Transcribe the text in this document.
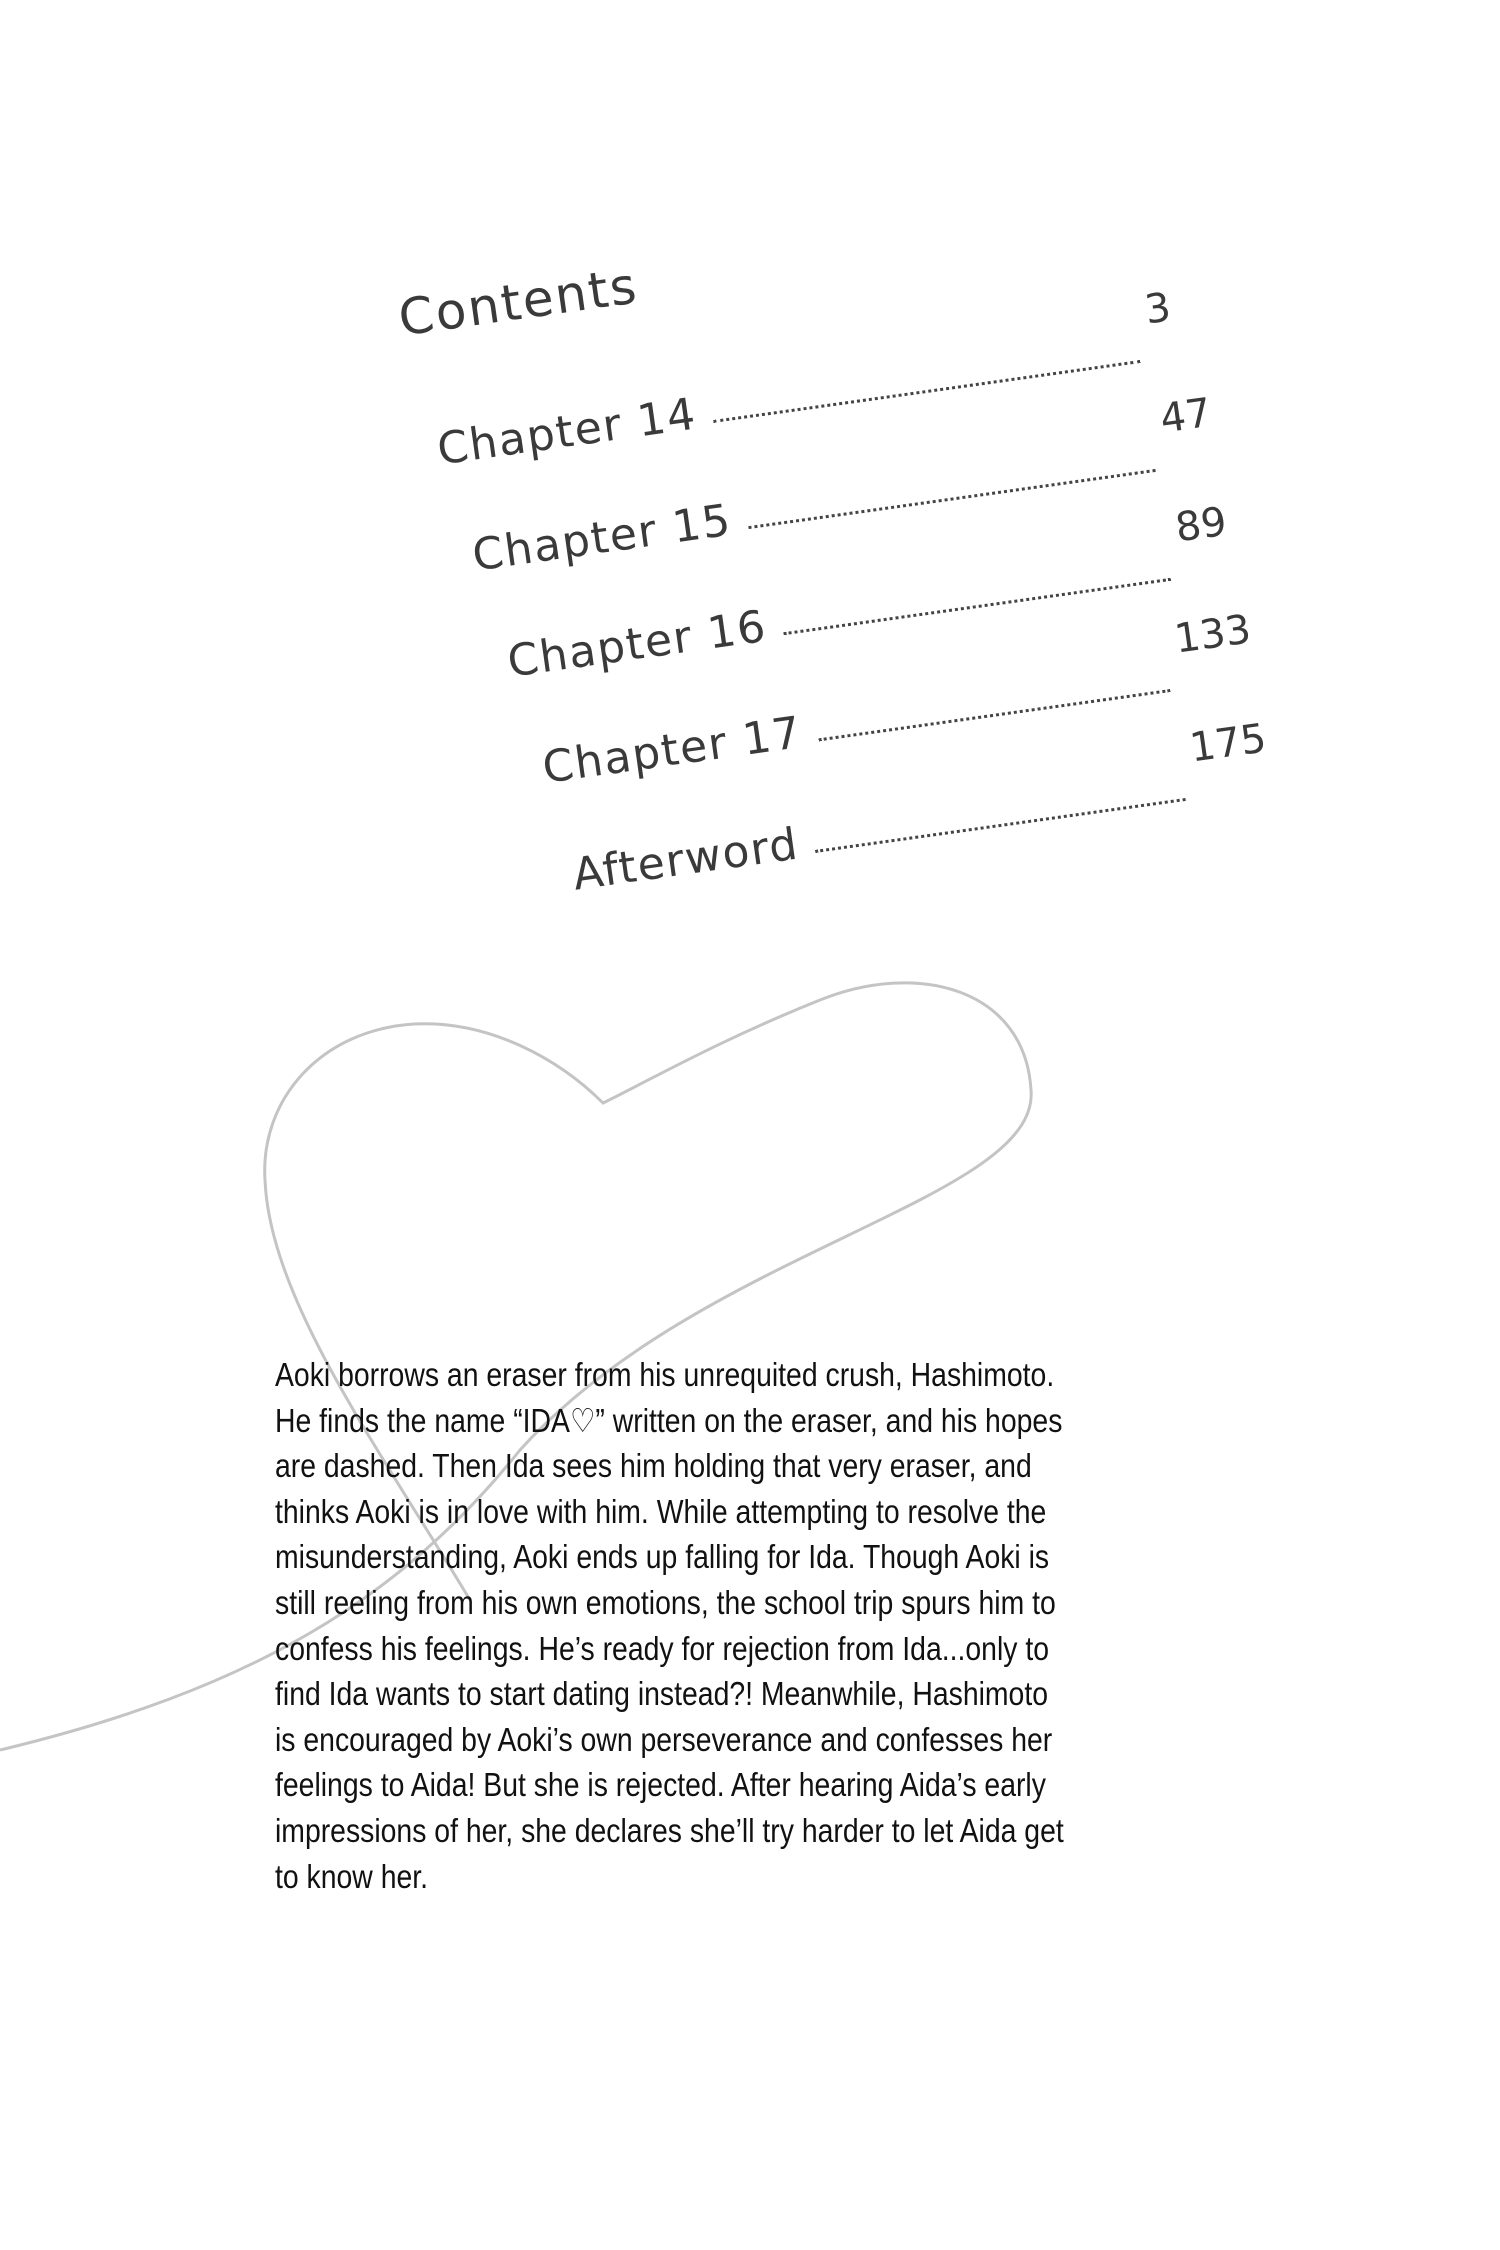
Contents
Chapter 14
3
Chapter 15
47
Chapter 16
89
Chapter 17
133
Afterword
175
Aoki borrows an eraser from his unrequited crush, Hashimoto.
He finds the name “IDA♡” written on the eraser, and his hopes
are dashed. Then Ida sees him holding that very eraser, and
thinks Aoki is in love with him. While attempting to resolve the
misunderstanding, Aoki ends up falling for Ida. Though Aoki is
still reeling from his own emotions, the school trip spurs him to
confess his feelings. He’s ready for rejection from Ida...only to
find Ida wants to start dating instead?! Meanwhile, Hashimoto
is encouraged by Aoki’s own perseverance and confesses her
feelings to Aida! But she is rejected. After hearing Aida’s early
impressions of her, she declares she’ll try harder to let Aida get
to know her.
